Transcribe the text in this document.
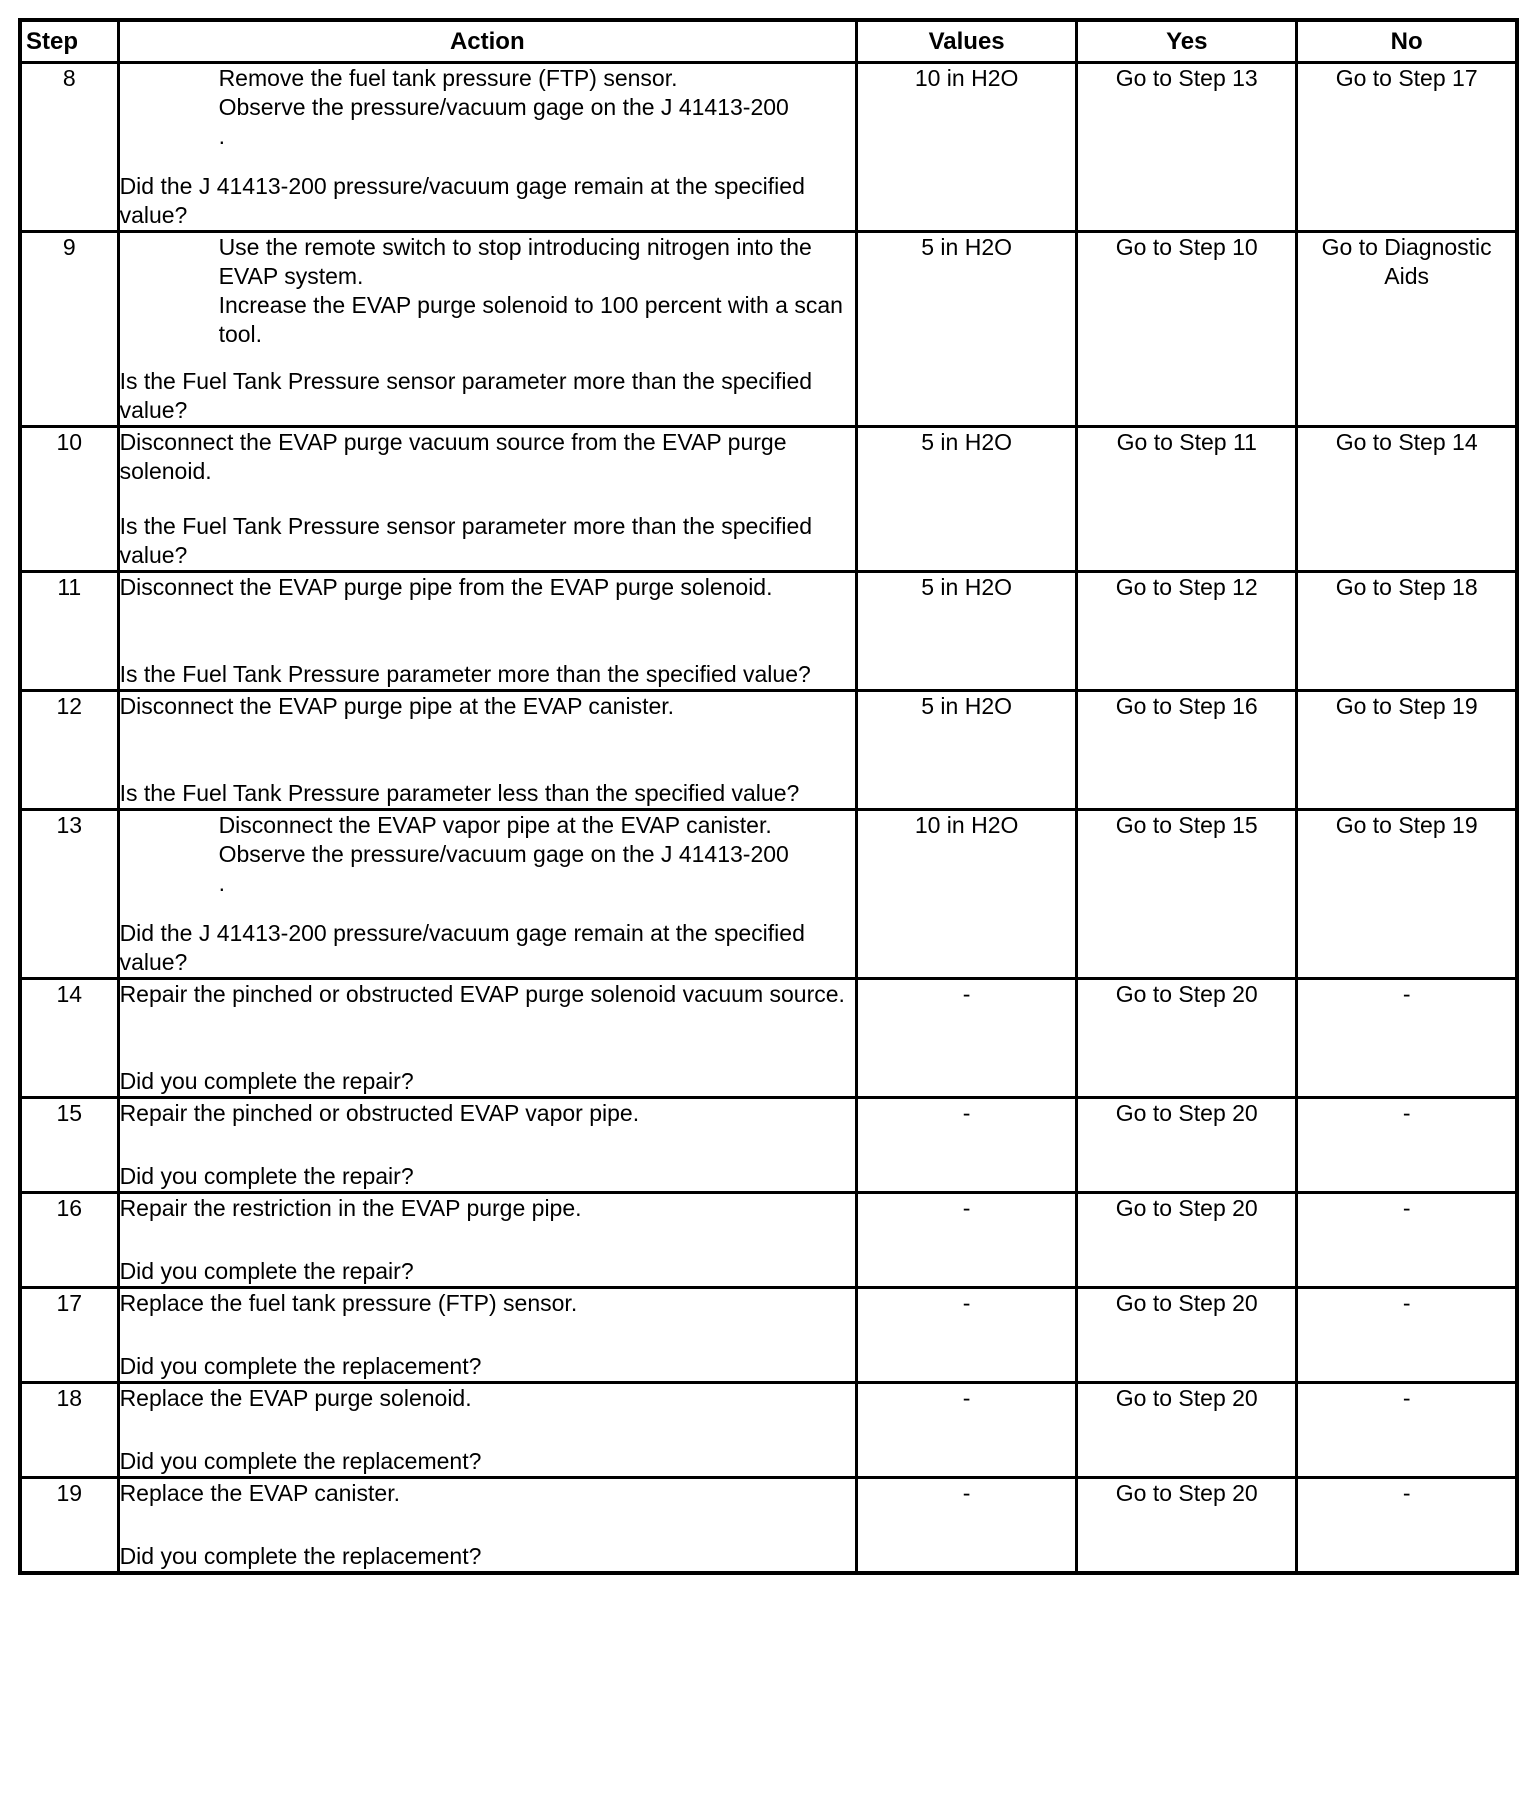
Step	Action	Values	Yes	No
8	Remove the fuel tank pressure (FTP) sensor.
Observe the pressure/vacuum gage on the J 41413-200
.
Did the J 41413-200 pressure/vacuum gage remain at the specified value?	10 in H2O	Go to Step 13	Go to Step 17
9	Use the remote switch to stop introducing nitrogen into the EVAP system.
Increase the EVAP purge solenoid to 100 percent with a scan tool.
Is the Fuel Tank Pressure sensor parameter more than the specified value?	5 in H2O	Go to Step 10	Go to Diagnostic Aids
10	Disconnect the EVAP purge vacuum source from the EVAP purge solenoid.
Is the Fuel Tank Pressure sensor parameter more than the specified value?	5 in H2O	Go to Step 11	Go to Step 14
11	Disconnect the EVAP purge pipe from the EVAP purge solenoid.
Is the Fuel Tank Pressure parameter more than the specified value?	5 in H2O	Go to Step 12	Go to Step 18
12	Disconnect the EVAP purge pipe at the EVAP canister.
Is the Fuel Tank Pressure parameter less than the specified value?	5 in H2O	Go to Step 16	Go to Step 19
13	Disconnect the EVAP vapor pipe at the EVAP canister.
Observe the pressure/vacuum gage on the J 41413-200
.
Did the J 41413-200 pressure/vacuum gage remain at the specified value?	10 in H2O	Go to Step 15	Go to Step 19
14	Repair the pinched or obstructed EVAP purge solenoid vacuum source.
Did you complete the repair?	-	Go to Step 20	-
15	Repair the pinched or obstructed EVAP vapor pipe.
Did you complete the repair?	-	Go to Step 20	-
16	Repair the restriction in the EVAP purge pipe.
Did you complete the repair?	-	Go to Step 20	-
17	Replace the fuel tank pressure (FTP) sensor.
Did you complete the replacement?	-	Go to Step 20	-
18	Replace the EVAP purge solenoid.
Did you complete the replacement?	-	Go to Step 20	-
19	Replace the EVAP canister.
Did you complete the replacement?	-	Go to Step 20	-
